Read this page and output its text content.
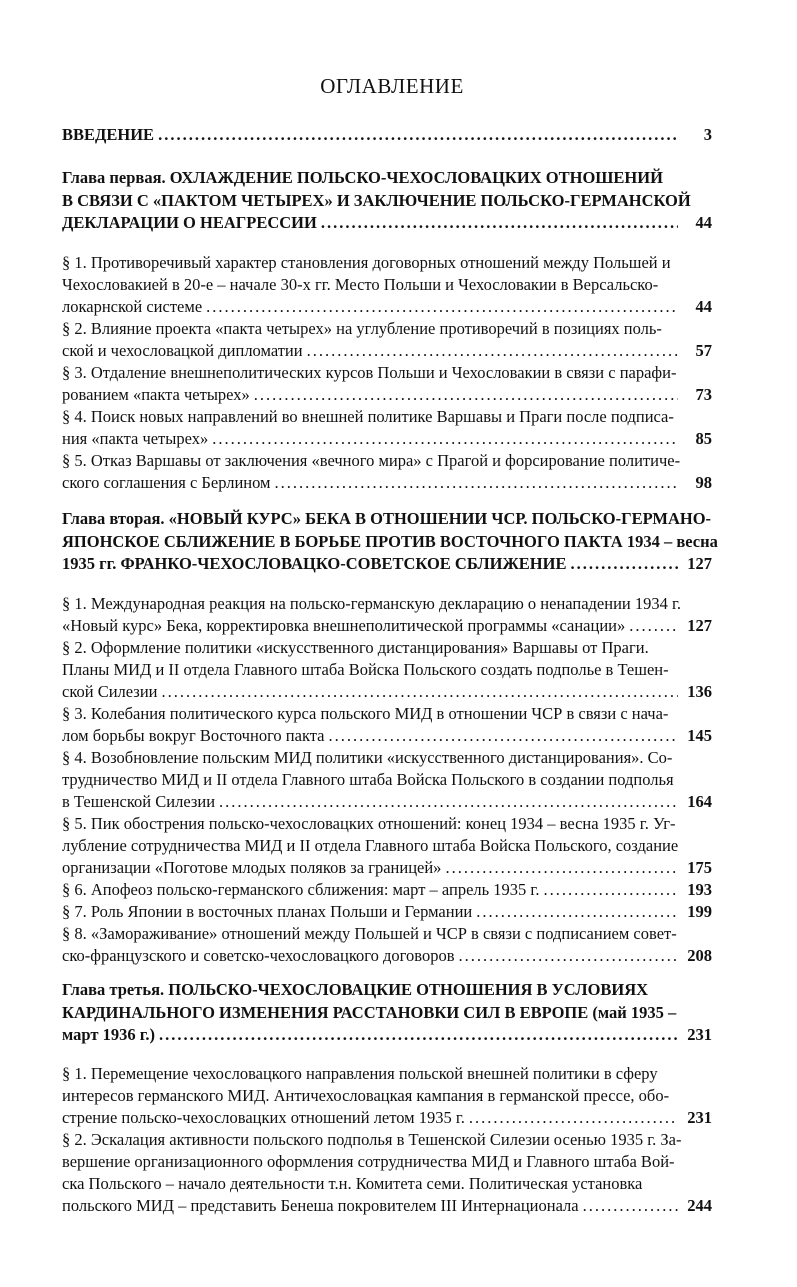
ОГЛАВЛЕНИЕ
ВВЕДЕНИЕ .....	3
Глава первая. ОХЛАЖДЕНИЕ ПОЛЬСКО-ЧЕХОСЛОВАЦКИХ ОТНОШЕНИЙ
В СВЯЗИ С «ПАКТОМ ЧЕТЫРЕХ» И ЗАКЛЮЧЕНИЕ ПОЛЬСКО-ГЕРМАНСКОЙ
ДЕКЛАРАЦИИ О НЕАГРЕССИИ .....	44
§ 1. Противоречивый характер становления договорных отношений между Польшей и
Чехословакией в 20-е – начале 30-х гг. Место Польши и Чехословакии в Версальско-
локарнской системе .....	44
§ 2. Влияние проекта «пакта четырех» на углубление противоречий в позициях поль-
ской и чехословацкой дипломатии .....	57
§ 3. Отдаление внешнеполитических курсов Польши и Чехословакии в связи с парафи-
рованием «пакта четырех» .....	73
§ 4. Поиск новых направлений во внешней политике Варшавы и Праги после подписа-
ния «пакта четырех» .....	85
§ 5. Отказ Варшавы от заключения «вечного мира» с Прагой и форсирование политиче-
ского соглашения с Берлином .....	98
Глава вторая. «НОВЫЙ КУРС» БЕКА В ОТНОШЕНИИ ЧСР. ПОЛЬСКО-ГЕРМАНО-
ЯПОНСКОЕ СБЛИЖЕНИЕ В БОРЬБЕ ПРОТИВ ВОСТОЧНОГО ПАКТА 1934 – весна
1935 гг. ФРАНКО-ЧЕХОСЛОВАЦКО-СОВЕТСКОЕ СБЛИЖЕНИЕ .....	127
§ 1. Международная реакция на польско-германскую декларацию о ненападении 1934 г.
«Новый курс» Бека, корректировка внешнеполитической программы «санации» .....	127
§ 2. Оформление политики «искусственного дистанцирования» Варшавы от Праги.
Планы МИД и II отдела Главного штаба Войска Польского создать подполье в Тешен-
ской Силезии .....	136
§ 3. Колебания политического курса польского МИД в отношении ЧСР в связи с нача-
лом борьбы вокруг Восточного пакта .....	145
§ 4. Возобновление польским МИД политики «искусственного дистанцирования». Со-
трудничество МИД и II отдела Главного штаба Войска Польского в создании подполья
в Тешенской Силезии .....	164
§ 5. Пик обострения польско-чехословацких отношений: конец 1934 – весна 1935 г. Уг-
лубление сотрудничества МИД и II отдела Главного штаба Войска Польского, создание
организации «Поготове млодых поляков за границей» .....	175
§ 6. Апофеоз польско-германского сближения: март – апрель 1935 г. .....	193
§ 7. Роль Японии в восточных планах Польши и Германии .....	199
§ 8. «Замораживание» отношений между Польшей и ЧСР в связи с подписанием совет-
ско-французского и советско-чехословацкого договоров .....	208
Глава третья. ПОЛЬСКО-ЧЕХОСЛОВАЦКИЕ ОТНОШЕНИЯ В УСЛОВИЯХ
КАРДИНАЛЬНОГО ИЗМЕНЕНИЯ РАССТАНОВКИ СИЛ В ЕВРОПЕ (май 1935 –
март 1936 г.) .....	231
§ 1. Перемещение чехословацкого направления польской внешней политики в сферу
интересов германского МИД. Античехословацкая кампания в германской прессе, обо-
стрение польско-чехословацких отношений летом 1935 г. .....	231
§ 2. Эскалация активности польского подполья в Тешенской Силезии осенью 1935 г. За-
вершение организационного оформления сотрудничества МИД и Главного штаба Вой-
ска Польского – начало деятельности т.н. Комитета семи. Политическая установка
польского МИД – представить Бенеша покровителем III Интернационала .....	244
